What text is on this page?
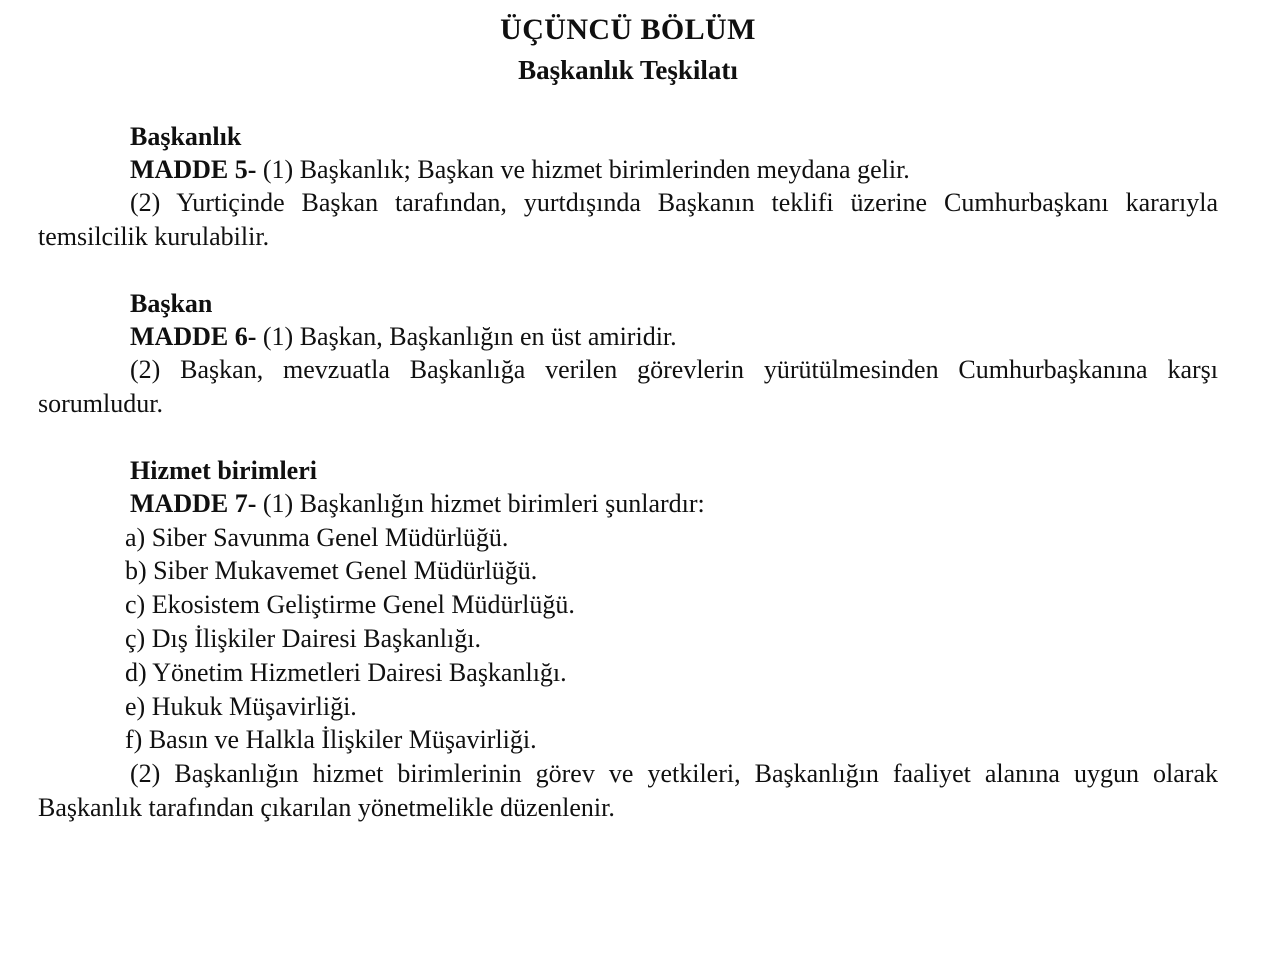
ÜÇÜNCÜ BÖLÜM
Başkanlık Teşkilatı
Başkanlık

MADDE 5- (1) Başkanlık; Başkan ve hizmet birimlerinden meydana gelir.

(2) Yurtiçinde Başkan tarafından, yurtdışında Başkanın teklifi üzerine Cumhurbaşkanı kararıyla temsilcilik kurulabilir.

Başkan

MADDE 6- (1) Başkan, Başkanlığın en üst amiridir.

(2) Başkan, mevzuatla Başkanlığa verilen görevlerin yürütülmesinden Cumhurbaşkanına karşı sorumludur.

Hizmet birimleri

MADDE 7- (1) Başkanlığın hizmet birimleri şunlardır:

a) Siber Savunma Genel Müdürlüğü.

b) Siber Mukavemet Genel Müdürlüğü.

c) Ekosistem Geliştirme Genel Müdürlüğü.

ç) Dış İlişkiler Dairesi Başkanlığı.

d) Yönetim Hizmetleri Dairesi Başkanlığı.

e) Hukuk Müşavirliği.

f) Basın ve Halkla İlişkiler Müşavirliği.

(2) Başkanlığın hizmet birimlerinin görev ve yetkileri, Başkanlığın faaliyet alanına uygun olarak Başkanlık tarafından çıkarılan yönetmelikle düzenlenir.
